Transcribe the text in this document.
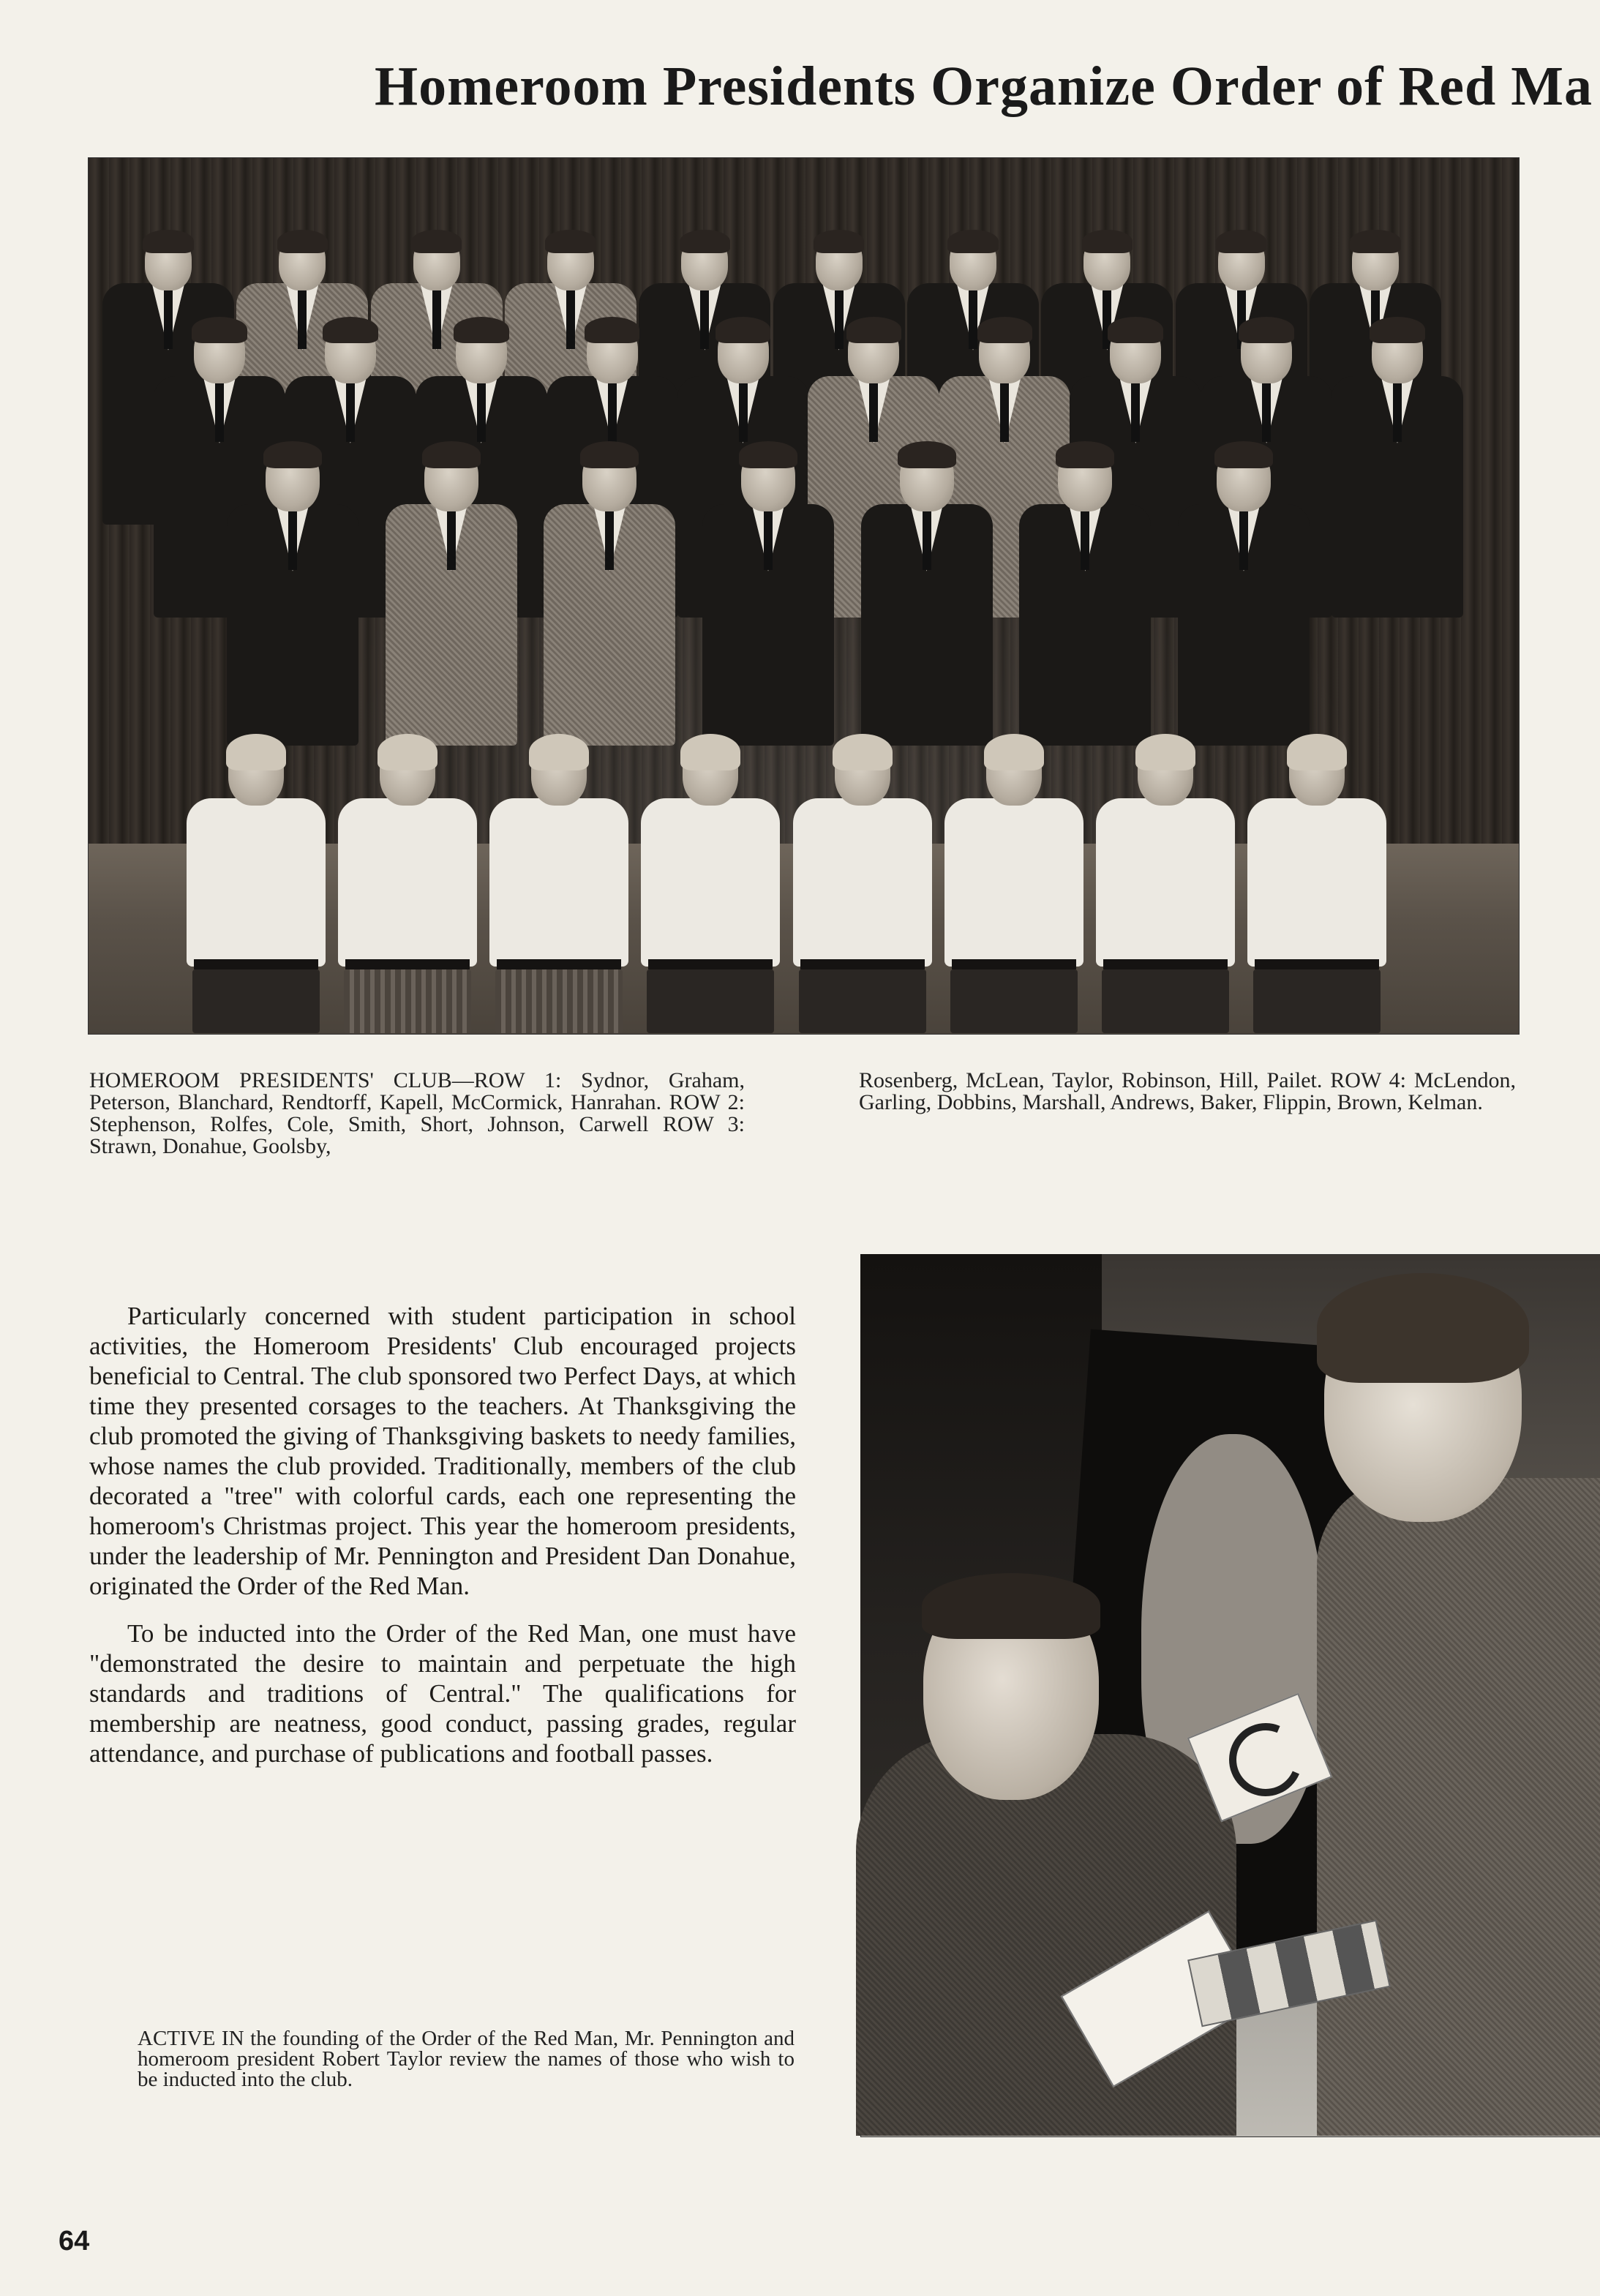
Homeroom Presidents Organize Order of Red Ma
HOMEROOM PRESIDENTS' CLUB—ROW 1: Sydnor, Graham, Peterson, Blanchard, Rendtorff, Kapell, McCormick, Hanrahan. ROW 2: Stephenson, Rolfes, Cole, Smith, Short, Johnson, Carwell ROW 3: Strawn, Donahue, Goolsby,
Rosenberg, McLean, Taylor, Robinson, Hill, Pailet. ROW 4: McLendon, Garling, Dobbins, Marshall, Andrews, Baker, Flippin, Brown, Kelman.

Particularly concerned with student participation in school activities, the Homeroom Presidents' Club encouraged projects beneficial to Central. The club sponsored two Perfect Days, at which time they presented corsages to the teachers. At Thanksgiving the club promoted the giving of Thanksgiving baskets to needy families, whose names the club provided. Traditionally, members of the club decorated a "tree" with colorful cards, each one representing the homeroom's Christmas project. This year the homeroom presidents, under the leadership of Mr. Pennington and President Dan Donahue, originated the Order of the Red Man.

To be inducted into the Order of the Red Man, one must have "demonstrated the desire to maintain and perpetuate the high standards and traditions of Central." The qualifications for membership are neatness, good conduct, passing grades, regular attendance, and purchase of publications and football passes.

ACTIVE IN the founding of the Order of the Red Man, Mr. Pennington and homeroom president Robert Taylor review the names of those who wish to be inducted into the club.
64
